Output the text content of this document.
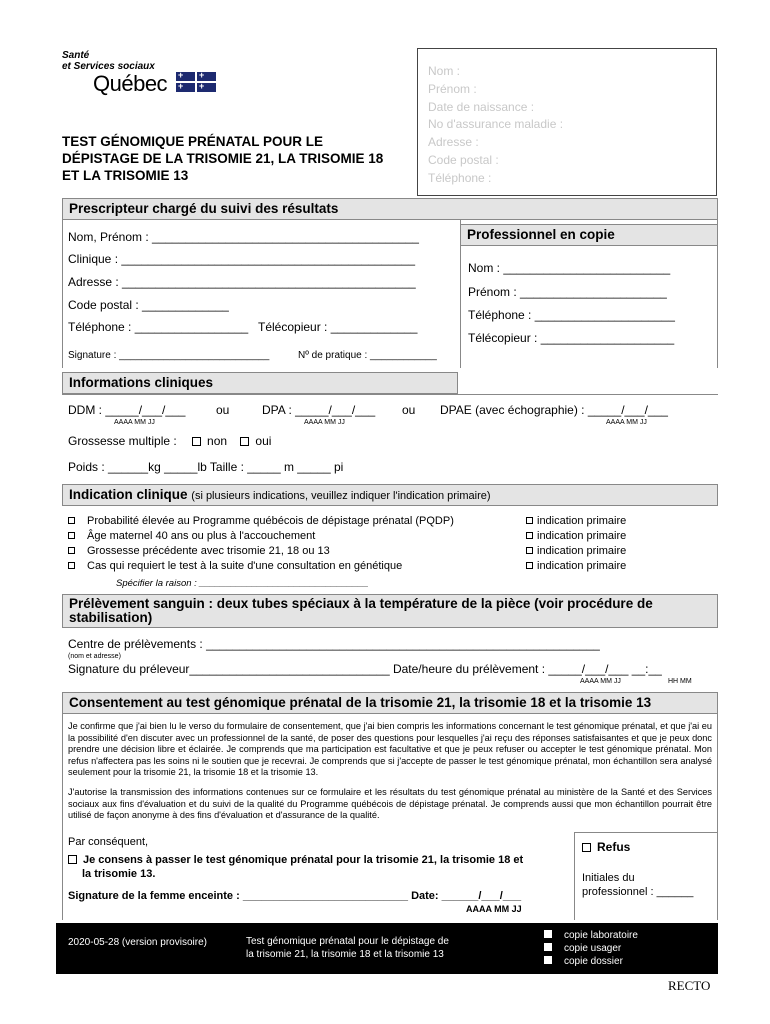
Santé
et Services sociaux
Québec
+
+
+
+
TEST GÉNOMIQUE PRÉNATAL POUR LE
DÉPISTAGE DE LA TRISOMIE 21, LA TRISOMIE 18
ET LA TRISOMIE 13
Nom :
Prénom :
Date de naissance :
No d'assurance maladie :
Adresse :
Code postal :
Téléphone :
Prescripteur chargé du suivi des résultats
Nom, Prénom : ________________________________________
Clinique : ____________________________________________
Adresse : ____________________________________________
Code postal : _____________
Téléphone : _________________ Télécopieur : _____________
Signature : ___________________________	Nº de pratique : ____________
Professionnel en copie
Nom : _________________________
Prénom : ______________________
Téléphone : _____________________
Télécopieur : ____________________
Informations cliniques
DDM : _____/___/___	ou	DPA : _____/___/___ ou DPAE (avec échographie) : _____/___/___
AAAA MM JJ	AAAA MM JJ	AAAA MM JJ
Grossesse multiple :	non oui
Poids : ______kg _____lb Taille : _____ m _____ pi
Indication clinique (si plusieurs indications, veuillez indiquer l'indication primaire)
Probabilité élevée au Programme québécois de dépistage prénatal (PQDP)
Âge maternel 40 ans ou plus à l'accouchement
Grossesse précédente avec trisomie 21, 18 ou 13
Cas qui requiert le test à la suite d'une consultation en génétique
indication primaire
indication primaire
indication primaire
indication primaire
Spécifier la raison : ________________________________
Prélèvement sanguin : deux tubes spéciaux à la température de la pièce (voir procédure de stabilisation)
Centre de prélèvements : ___________________________________________________________
(nom et adresse)
Signature du préleveur______________________________ Date/heure du prélèvement : _____/___/___ __:__
AAAA MM JJ	HH MM
Consentement au test génomique prénatal de la trisomie 21, la trisomie 18 et la trisomie 13
Je confirme que j'ai bien lu le verso du formulaire de consentement, que j'ai bien compris les informations concernant le test génomique prénatal, et que j'ai eu la possibilité d'en discuter avec un professionnel de la santé, de poser des questions pour lesquelles j'ai reçu des réponses satisfaisantes et que je peux donc prendre une décision libre et éclairée. Je comprends que ma participation est facultative et que je peux refuser ou accepter le test génomique prénatal. Mon refus n'affectera pas les soins ni le soutien que je recevrai. Je comprends que si j'accepte de passer le test génomique prénatal, mon échantillon sera analysé seulement pour la trisomie 21, la trisomie 18 et la trisomie 13.
J'autorise la transmission des informations contenues sur ce formulaire et les résultats du test génomique prénatal au ministère de la Santé et des Services sociaux aux fins d'évaluation et du suivi de la qualité du Programme québécois de dépistage prénatal. Je comprends aussi que mon échantillon pourrait être utilisé de façon anonyme à des fins d'évaluation et d'assurance de la qualité.
Par conséquent,
Je consens à passer le test génomique prénatal pour la trisomie 21, la trisomie 18 et
la trisomie 13.
Signature de la femme enceinte : ___________________________ Date: ______/___/___
AAAA MM JJ
Refus
Initiales du
professionnel : ______
2020-05-28 (version provisoire)	Test génomique prénatal pour le dépistage de
la trisomie 21, la trisomie 18 et la trisomie 13
copie laboratoire
copie usager
copie dossier
RECTO
